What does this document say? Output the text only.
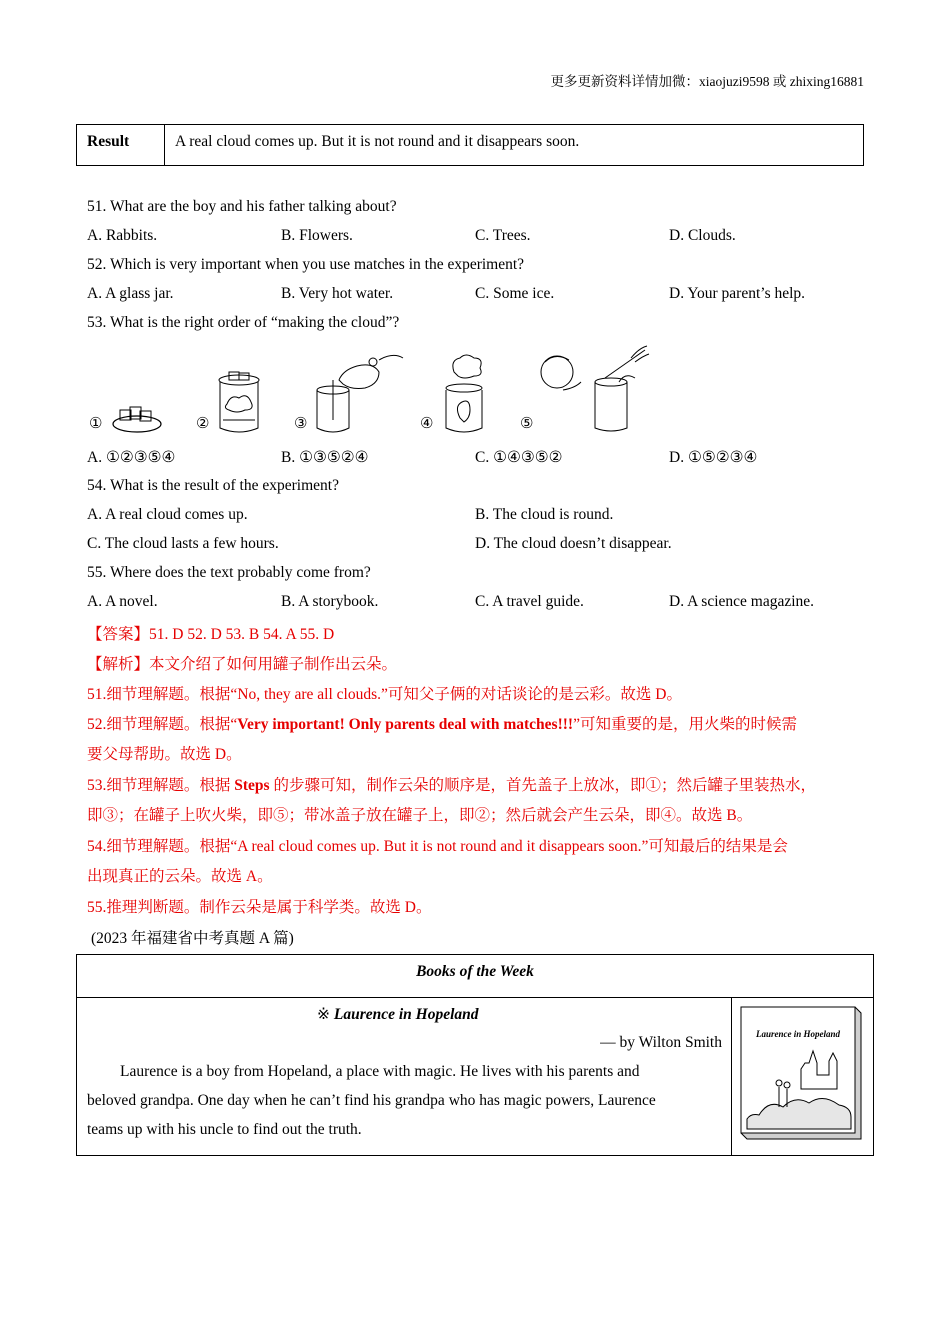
更多更新资料详情加微：xiaojuzi9598 或 zhixing16881
Result	A real cloud comes up. But it is not round and it disappears soon.
51. What are the boy and his father talking about?
A. Rabbits.	B. Flowers.	C. Trees.	D. Clouds.
52. Which is very important when you use matches in the experiment?
A. A glass jar.	B. Very hot water.	C. Some ice.	D. Your parent’s help.
53. What is the right order of “making the cloud”?
①	②	③	④	⑤
A. ①②③⑤④	B. ①③⑤②④	C. ①④③⑤②	D. ①⑤②③④
54. What is the result of the experiment?
A. A real cloud comes up.	B. The cloud is round.
C. The cloud lasts a few hours.	D. The cloud doesn’t disappear.
55. Where does the text probably come from?
A. A novel.	B. A storybook.	C. A travel guide.	D. A science magazine.
【答案】51. D 52. D 53. B 54. A 55. D
【解析】本文介绍了如何用罐子制作出云朵。
51.细节理解题。根据“No, they are all clouds.”可知父子俩的对话谈论的是云彩。故选 D。
52.细节理解题。根据“Very important! Only parents deal with matches!!!”可知重要的是，用火柴的时候需
要父母帮助。故选 D。
53.细节理解题。根据 Steps 的步骤可知，制作云朵的顺序是，首先盖子上放冰，即①；然后罐子里装热水，
即③；在罐子上吹火柴，即⑤；带冰盖子放在罐子上，即②；然后就会产生云朵，即④。故选 B。
54.细节理解题。根据“A real cloud comes up. But it is not round and it disappears soon.”可知最后的结果是会
出现真正的云朵。故选 A。
55.推理判断题。制作云朵是属于科学类。故选 D。
(2023 年福建省中考真题 A 篇)
Books of the Week
※ Laurence in Hopeland
— by Wilton Smith
Laurence is a boy from Hopeland, a place with magic. He lives with his parents and
beloved grandpa. One day when he can’t find his grandpa who has magic powers, Laurence
teams up with his uncle to find out the truth.
Laurence in Hopeland
